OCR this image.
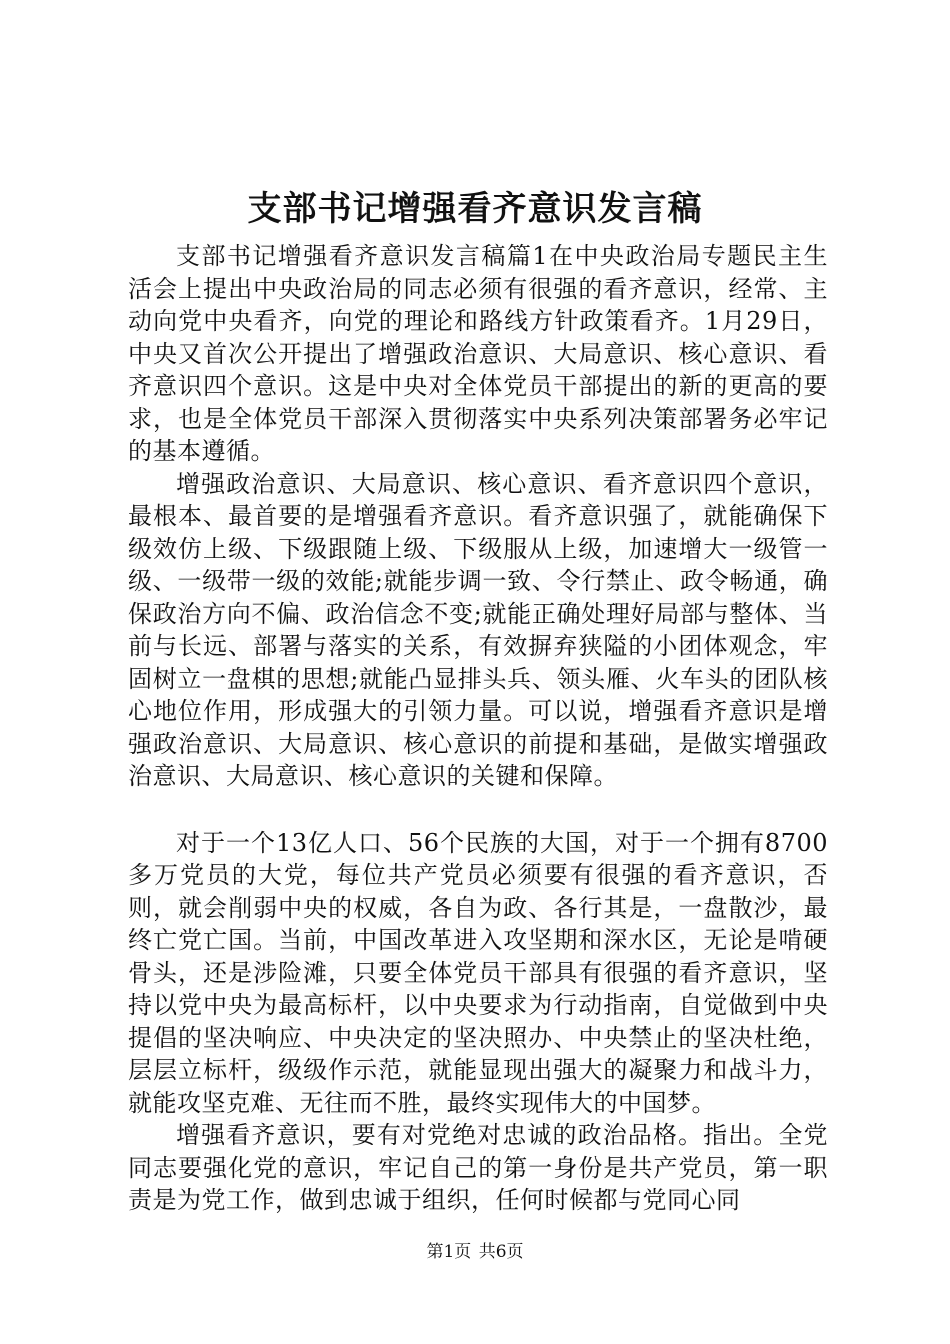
支部书记增强看齐意识发言稿

支部书记增强看齐意识发言稿篇1在中央政治局专题民主生活会上提出中央政治局的同志必须有很强的看齐意识，经常、主动向党中央看齐，向党的理论和路线方针政策看齐。1月29日，中央又首次公开提出了增强政治意识、大局意识、核心意识、看齐意识四个意识。这是中央对全体党员干部提出的新的更高的要求，也是全体党员干部深入贯彻落实中央系列决策部署务必牢记的基本遵循。

增强政治意识、大局意识、核心意识、看齐意识四个意识，最根本、最首要的是增强看齐意识。看齐意识强了，就能确保下级效仿上级、下级跟随上级、下级服从上级，加速增大一级管一级、一级带一级的效能;就能步调一致、令行禁止、政令畅通，确保政治方向不偏、政治信念不变;就能正确处理好局部与整体、当前与长远、部署与落实的关系，有效摒弃狭隘的小团体观念，牢固树立一盘棋的思想;就能凸显排头兵、领头雁、火车头的团队核心地位作用，形成强大的引领力量。可以说，增强看齐意识是增强政治意识、大局意识、核心意识的前提和基础，是做实增强政治意识、大局意识、核心意识的关键和保障。

对于一个13亿人口、56个民族的大国，对于一个拥有8700多万党员的大党，每位共产党员必须要有很强的看齐意识，否则，就会削弱中央的权威，各自为政、各行其是，一盘散沙，最终亡党亡国。当前，中国改革进入攻坚期和深水区，无论是啃硬骨头，还是涉险滩，只要全体党员干部具有很强的看齐意识，坚持以党中央为最高标杆，以中央要求为行动指南，自觉做到中央提倡的坚决响应、中央决定的坚决照办、中央禁止的坚决杜绝，层层立标杆，级级作示范，就能显现出强大的凝聚力和战斗力，就能攻坚克难、无往而不胜，最终实现伟大的中国梦。

增强看齐意识，要有对党绝对忠诚的政治品格。指出。全党同志要强化党的意识，牢记自己的第一身份是共产党员，第一职责是为党工作，做到忠诚于组织，任何时候都与党同心同

第1页 共6页
